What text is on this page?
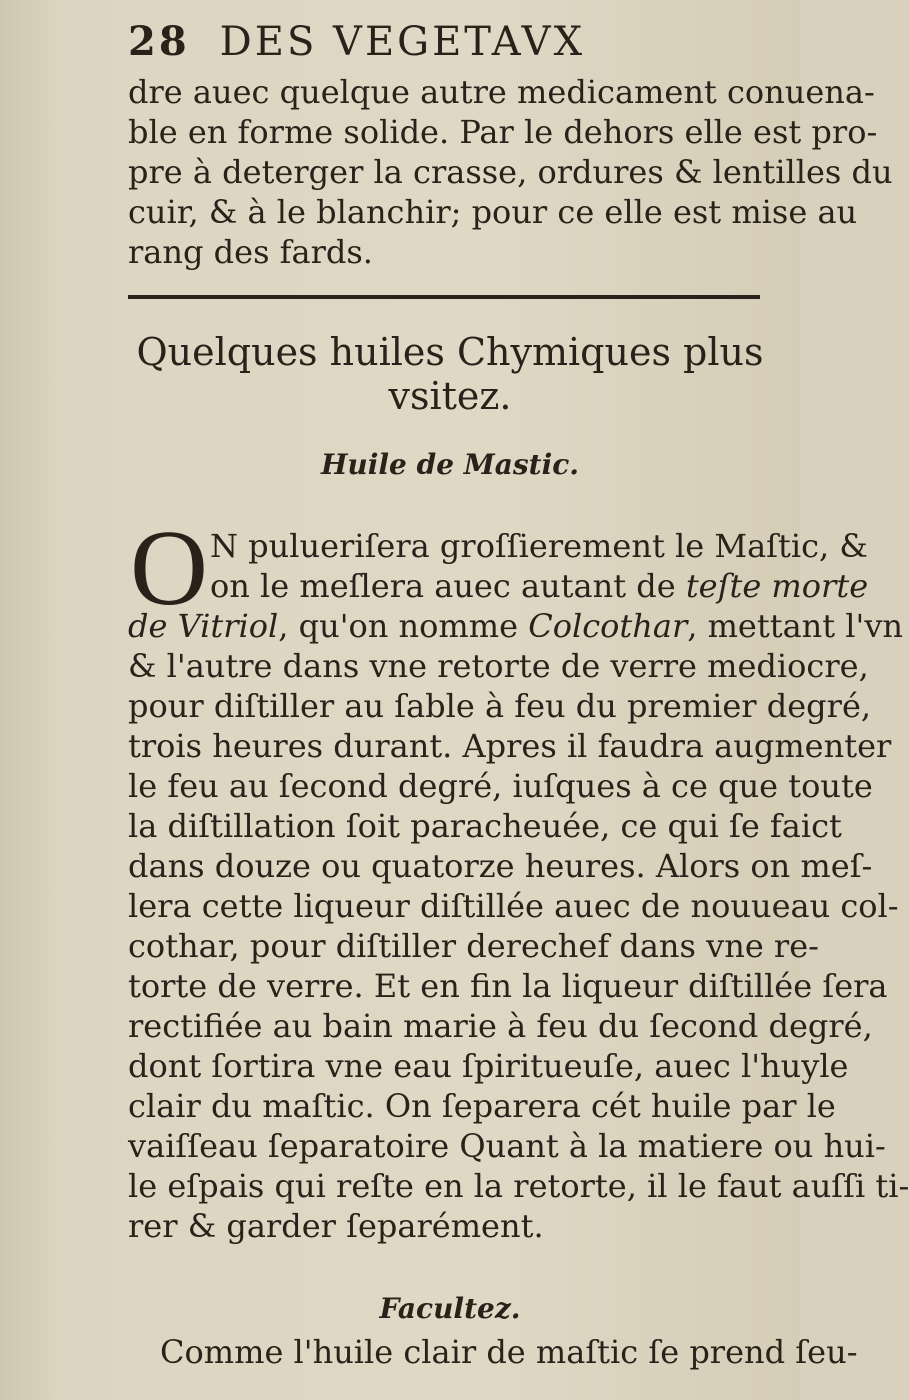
28 DES VEGETAVX
dre auec quelque autre medicament conuena-
ble en forme solide. Par le dehors elle est pro-
pre à deterger la crasse, ordures & lentilles du
cuir, & à le blanchir; pour ce elle est mise au
rang des fards.
Quelques huiles Chymiques plus
vsitez.
Huile de Mastic.
O N pulueriſera groſſierement le Maſtic, &
on le meſlera auec autant de teſte morte
de Vitriol, qu'on nomme Colcothar, mettant l'vn
& l'autre dans vne retorte de verre mediocre,
pour diſtiller au ſable à feu du premier degré,
trois heures durant. Apres il faudra augmenter
le feu au ſecond degré, iuſques à ce que toute
la diſtillation ſoit paracheuée, ce qui ſe faict
dans douze ou quatorze heures. Alors on meſ-
lera cette liqueur diſtillée auec de nouueau col-
cothar, pour diſtiller derechef dans vne re-
torte de verre. Et en fin la liqueur diſtillée ſera
rectifiée au bain marie à feu du ſecond degré,
dont ſortira vne eau ſpiritueuſe, auec l'huyle
clair du maſtic. On ſeparera cét huile par le
vaiſſeau ſeparatoire Quant à la matiere ou hui-
le eſpais qui reſte en la retorte, il le faut auſſi ti-
rer & garder ſeparément.
Facultez.
Comme l'huile clair de maſtic ſe prend ſeu-
